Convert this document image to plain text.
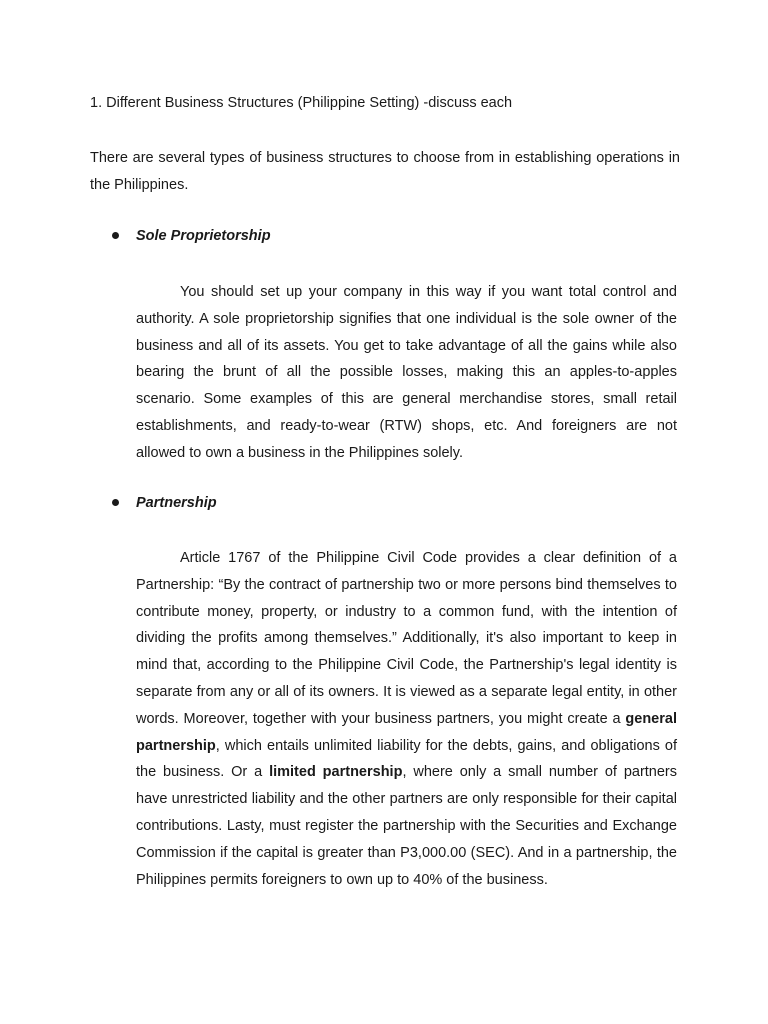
1. Different Business Structures (Philippine Setting) -discuss each

There are several types of business structures to choose from in establishing operations in the Philippines.

Sole Proprietorship

You should set up your company in this way if you want total control and authority. A sole proprietorship signifies that one individual is the sole owner of the business and all of its assets. You get to take advantage of all the gains while also bearing the brunt of all the possible losses, making this an apples-to-apples scenario. Some examples of this are general merchandise stores, small retail establishments, and ready-to-wear (RTW) shops, etc. And foreigners are not allowed to own a business in the Philippines solely.

Partnership

Article 1767 of the Philippine Civil Code provides a clear definition of a Partnership: “By the contract of partnership two or more persons bind themselves to contribute money, property, or industry to a common fund, with the intention of dividing the profits among themselves.” Additionally, it's also important to keep in mind that, according to the Philippine Civil Code, the Partnership's legal identity is separate from any or all of its owners. It is viewed as a separate legal entity, in other words. Moreover, together with your business partners, you might create a general partnership, which entails unlimited liability for the debts, gains, and obligations of the business. Or a limited partnership, where only a small number of partners have unrestricted liability and the other partners are only responsible for their capital contributions. Lasty, must register the partnership with the Securities and Exchange Commission if the capital is greater than P3,000.00 (SEC). And in a partnership, the Philippines permits foreigners to own up to 40% of the business.
